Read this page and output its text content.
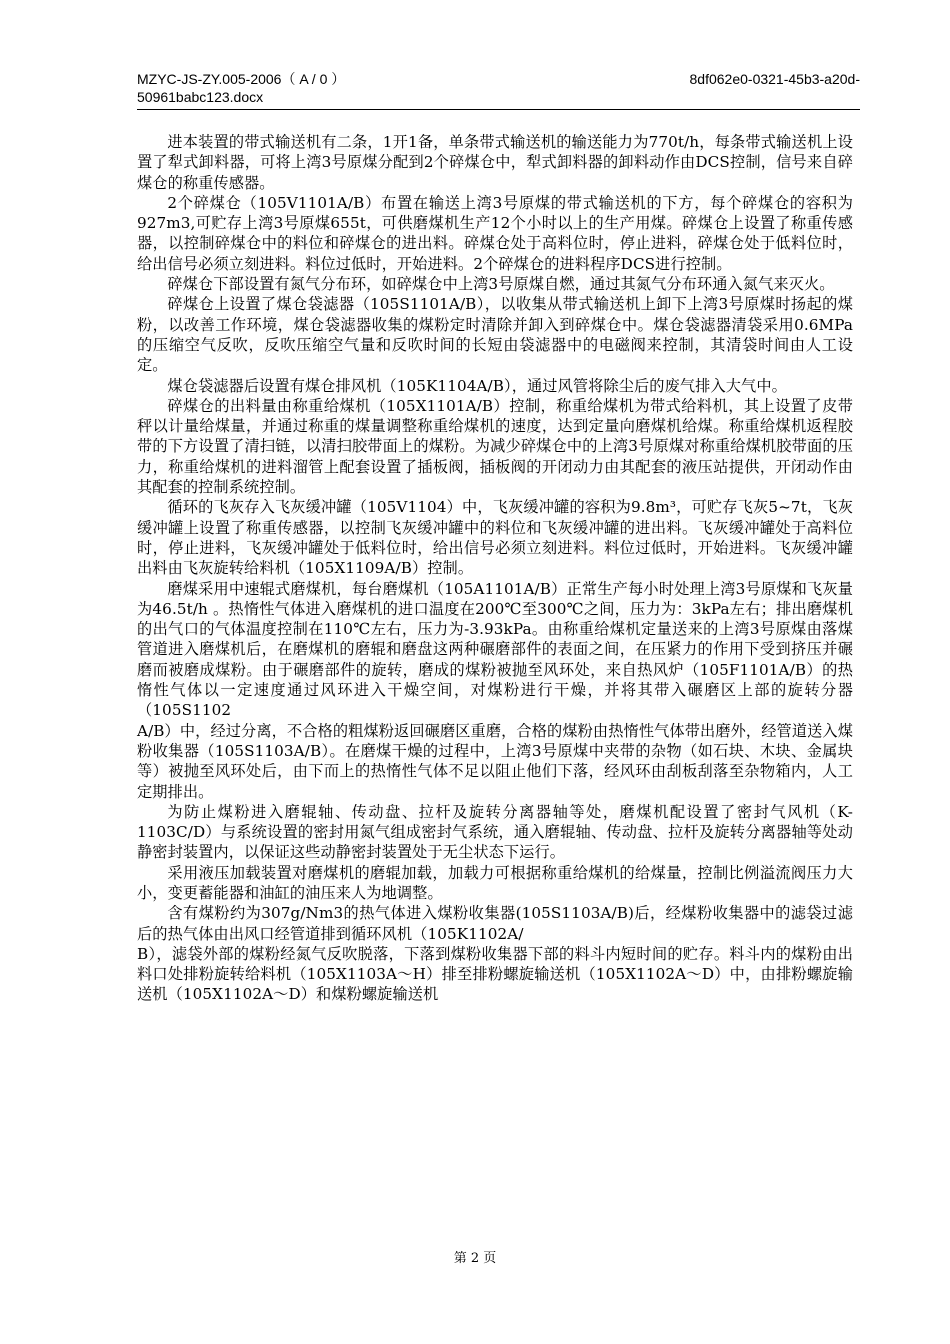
MZYC-JS-ZY.005-2006（ A / 0 ）
50961babc123.docx
8df062e0-0321-45b3-a20d-

进本装置的带式输送机有二条，1开1备，单条带式输送机的输送能力为770t/h，每条带式输送机上设置了犁式卸料器，可将上湾3号原煤分配到2个碎煤仓中，犁式卸料器的卸料动作由DCS控制，信号来自碎煤仓的称重传感器。

2个碎煤仓（105V1101A/B）布置在输送上湾3号原煤的带式输送机的下方，每个碎煤仓的容积为927m3,可贮存上湾3号原煤655t，可供磨煤机生产12个小时以上的生产用煤。碎煤仓上设置了称重传感器，以控制碎煤仓中的料位和碎煤仓的进出料。碎煤仓处于高料位时，停止进料，碎煤仓处于低料位时，给出信号必须立刻进料。料位过低时，开始进料。2个碎煤仓的进料程序DCS进行控制。

碎煤仓下部设置有氮气分布环，如碎煤仓中上湾3号原煤自燃，通过其氮气分布环通入氮气来灭火。

碎煤仓上设置了煤仓袋滤器（105S1101A/B），以收集从带式输送机上卸下上湾3号原煤时扬起的煤粉，以改善工作环境，煤仓袋滤器收集的煤粉定时清除并卸入到碎煤仓中。煤仓袋滤器清袋采用0.6MPa的压缩空气反吹，反吹压缩空气量和反吹时间的长短由袋滤器中的电磁阀来控制，其清袋时间由人工设定。

煤仓袋滤器后设置有煤仓排风机（105K1104A/B），通过风管将除尘后的废气排入大气中。

碎煤仓的出料量由称重给煤机（105X1101A/B）控制，称重给煤机为带式给料机，其上设置了皮带秤以计量给煤量，并通过称重的煤量调整称重给煤机的速度，达到定量向磨煤机给煤。称重给煤机返程胶带的下方设置了清扫链，以清扫胶带面上的煤粉。为减少碎煤仓中的上湾3号原煤对称重给煤机胶带面的压力，称重给煤机的进料溜管上配套设置了插板阀，插板阀的开闭动力由其配套的液压站提供，开闭动作由其配套的控制系统控制。

循环的飞灰存入飞灰缓冲罐（105V1104）中，飞灰缓冲罐的容积为9.8m³，可贮存飞灰5~7t，飞灰缓冲罐上设置了称重传感器，以控制飞灰缓冲罐中的料位和飞灰缓冲罐的进出料。飞灰缓冲罐处于高料位时，停止进料，飞灰缓冲罐处于低料位时，给出信号必须立刻进料。料位过低时，开始进料。飞灰缓冲罐出料由飞灰旋转给料机（105X1109A/B）控制。

磨煤采用中速辊式磨煤机，每台磨煤机（105A1101A/B）正常生产每小时处理上湾3号原煤和飞灰量为46.5t/h 。热惰性气体进入磨煤机的进口温度在200℃至300℃之间，压力为：3kPa左右；排出磨煤机的出气口的气体温度控制在110℃左右，压力为-3.93kPa。由称重给煤机定量送来的上湾3号原煤由落煤管道进入磨煤机后，在磨煤机的磨辊和磨盘这两种碾磨部件的表面之间，在压紧力的作用下受到挤压并碾磨而被磨成煤粉。由于碾磨部件的旋转，磨成的煤粉被抛至风环处，来自热风炉（105F1101A/B）的热惰性气体以一定速度通过风环进入干燥空间，对煤粉进行干燥，并将其带入碾磨区上部的旋转分器（105S1102

A/B）中，经过分离，不合格的粗煤粉返回碾磨区重磨，合格的煤粉由热惰性气体带出磨外，经管道送入煤粉收集器（105S1103A/B）。在磨煤干燥的过程中，上湾3号原煤中夹带的杂物（如石块、木块、金属块等）被抛至风环处后，由下而上的热惰性气体不足以阻止他们下落，经风环由刮板刮落至杂物箱内，人工定期排出。

为防止煤粉进入磨辊轴、传动盘、拉杆及旋转分离器轴等处，磨煤机配设置了密封气风机（K-1103C/D）与系统设置的密封用氮气组成密封气系统，通入磨辊轴、传动盘、拉杆及旋转分离器轴等处动静密封装置内，以保证这些动静密封装置处于无尘状态下运行。

采用液压加载装置对磨煤机的磨辊加载，加载力可根据称重给煤机的给煤量，控制比例溢流阀压力大小，变更蓄能器和油缸的油压来人为地调整。

含有煤粉约为307g/Nm3的热气体进入煤粉收集器(105S1103A/B)后，经煤粉收集器中的滤袋过滤后的热气体由出风口经管道排到循环风机（105K1102A/

B），滤袋外部的煤粉经氮气反吹脱落，下落到煤粉收集器下部的料斗内短时间的贮存。料斗内的煤粉由出料口处排粉旋转给料机（105X1103A～H）排至排粉螺旋输送机（105X1102A～D）中，由排粉螺旋输送机（105X1102A～D）和煤粉螺旋输送机

第 2 页
